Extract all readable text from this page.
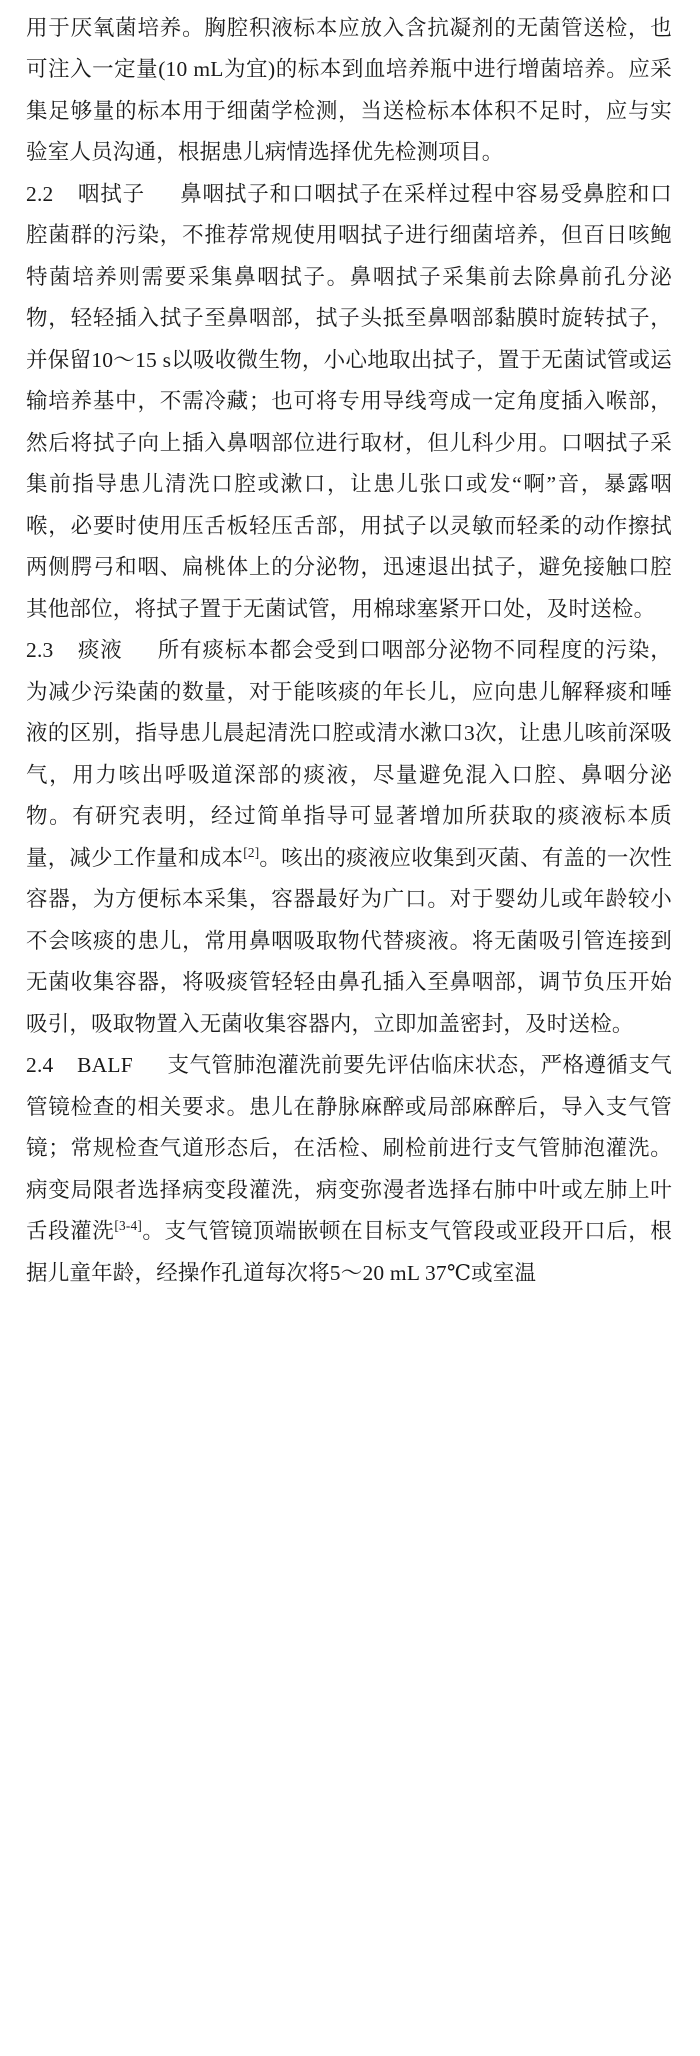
用于厌氧菌培养。胸腔积液标本应放入含抗凝剂的无菌管送检，也可注入一定量(10 mL为宜)的标本到血培养瓶中进行增菌培养。应采集足够量的标本用于细菌学检测，当送检标本体积不足时，应与实验室人员沟通，根据患儿病情选择优先检测项目。

2.2 咽拭子 鼻咽拭子和口咽拭子在采样过程中容易受鼻腔和口腔菌群的污染，不推荐常规使用咽拭子进行细菌培养，但百日咳鲍特菌培养则需要采集鼻咽拭子。鼻咽拭子采集前去除鼻前孔分泌物，轻轻插入拭子至鼻咽部，拭子头抵至鼻咽部黏膜时旋转拭子，并保留10～15 s以吸收微生物，小心地取出拭子，置于无菌试管或运输培养基中，不需冷藏；也可将专用导线弯成一定角度插入喉部，然后将拭子向上插入鼻咽部位进行取材，但儿科少用。口咽拭子采集前指导患儿清洗口腔或漱口，让患儿张口或发“啊”音，暴露咽喉，必要时使用压舌板轻压舌部，用拭子以灵敏而轻柔的动作擦拭两侧腭弓和咽、扁桃体上的分泌物，迅速退出拭子，避免接触口腔其他部位，将拭子置于无菌试管，用棉球塞紧开口处，及时送检。

2.3 痰液 所有痰标本都会受到口咽部分泌物不同程度的污染，为减少污染菌的数量，对于能咳痰的年长儿，应向患儿解释痰和唾液的区别，指导患儿晨起清洗口腔或清水漱口3次，让患儿咳前深吸气，用力咳出呼吸道深部的痰液，尽量避免混入口腔、鼻咽分泌物。有研究表明，经过简单指导可显著增加所获取的痰液标本质量，减少工作量和成本[2]。咳出的痰液应收集到灭菌、有盖的一次性容器，为方便标本采集，容器最好为广口。对于婴幼儿或年龄较小不会咳痰的患儿，常用鼻咽吸取物代替痰液。将无菌吸引管连接到无菌收集容器，将吸痰管轻轻由鼻孔插入至鼻咽部，调节负压开始吸引，吸取物置入无菌收集容器内，立即加盖密封，及时送检。

2.4 BALF 支气管肺泡灌洗前要先评估临床状态，严格遵循支气管镜检查的相关要求。患儿在静脉麻醉或局部麻醉后，导入支气管镜；常规检查气道形态后，在活检、刷检前进行支气管肺泡灌洗。病变局限者选择病变段灌洗，病变弥漫者选择右肺中叶或左肺上叶舌段灌洗[3-4]。支气管镜顶端嵌顿在目标支气管段或亚段开口后，根据儿童年龄，经操作孔道每次将5～20 mL 37℃或室温
